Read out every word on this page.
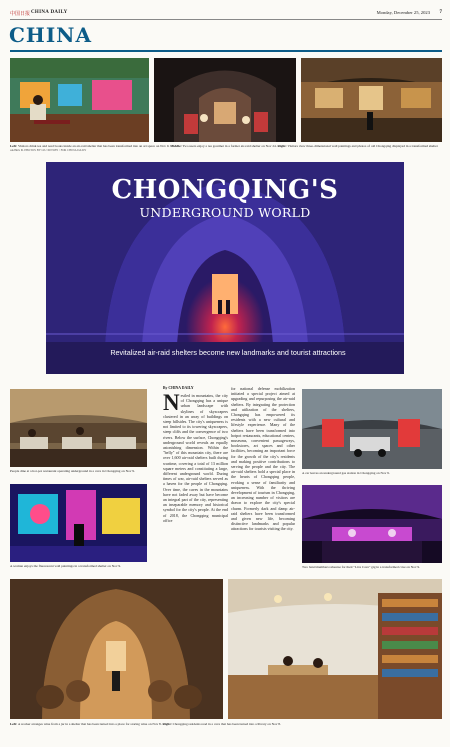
中国日报 CHINA DAILY	Monday, December 25, 2023 7
CHINA
Left: Visitors drink tea and read books inside an air-raid shelter that has been transformed into an art space on Nov 9. Middle: Two users enjoy a tea gourmet in a former air-raid shelter on Nov 24. Right: Visitors view three-dimensional wall paintings and photos of old Chongqing displayed in a transformed shelter on Nov 9. PHOTOS BY LIU XINWEI / FOR CHINA DAILY
CHONGQING'S
UNDERGROUND WORLD
Revitalized air-raid shelters become new landmarks and tourist attractions
People dine at a hot-pot restaurant operating underground in a cave in Chongqing on Nov 9.
A woman enjoys the fluorescent wall paintings in a transformed shelter on Nov 9.
By CHINA DAILY
Nestled in mountains, the city of Chongqing has a unique urban landscape with skylines of skyscrapers clustered in an array of buildings on steep hillsides. The city's uniqueness is not limited to its towering skyscrapers, steep cliffs and the convergence of two rivers. Below the surface, Chongqing's underground world reveals an equally astonishing dimension. Within the "belly" of this mountain city, there are over 1,600 air-raid shelters built during wartime, covering a total of 13 million square meters and constituting a large, different underground world. During times of war, air-raid shelters served as a haven for the people of Chongqing. Over time, the caves in the mountains have not faded away but have become an integral part of the city, representing an inseparable memory and historical symbol for the city's people. At the end of 2018, the Chongqing municipal office
for national defense mobilization initiated a special project aimed at upgrading and repurposing the air-raid shelters. By integrating the protection and utilization of the shelters, Chongqing has empowered its residents with a new cultural and lifestyle experience. Many of the shelters have been transformed into hotpot restaurants, educational centers, museums, convenient passageways, bookstores, art spaces and other facilities, becoming an important force for the growth of the city's residents and making positive contributions to serving the people and the city. The air-raid shelters hold a special place in the hearts of Chongqing people, evoking a sense of familiarity and uniqueness. With the thriving development of tourism in Chongqing, an increasing number of visitors are drawn to explore the city's special charm. Formerly dark and damp air-raid shelters have been transformed and given new life, becoming distinctive landmarks and popular attractions for tourists visiting the city.
A car leaves an underground gas station in Chongqing on Nov 9.
Two band members rehearse for their "Live Cave" gig in a transformed cave on Nov 9.
Left: A worker arranges wine from a jar in a shelter that has been turned into a place for storing wine on Nov 8. Right: Chongqing residents read in a cave that has been turned into a library on Nov 8.
